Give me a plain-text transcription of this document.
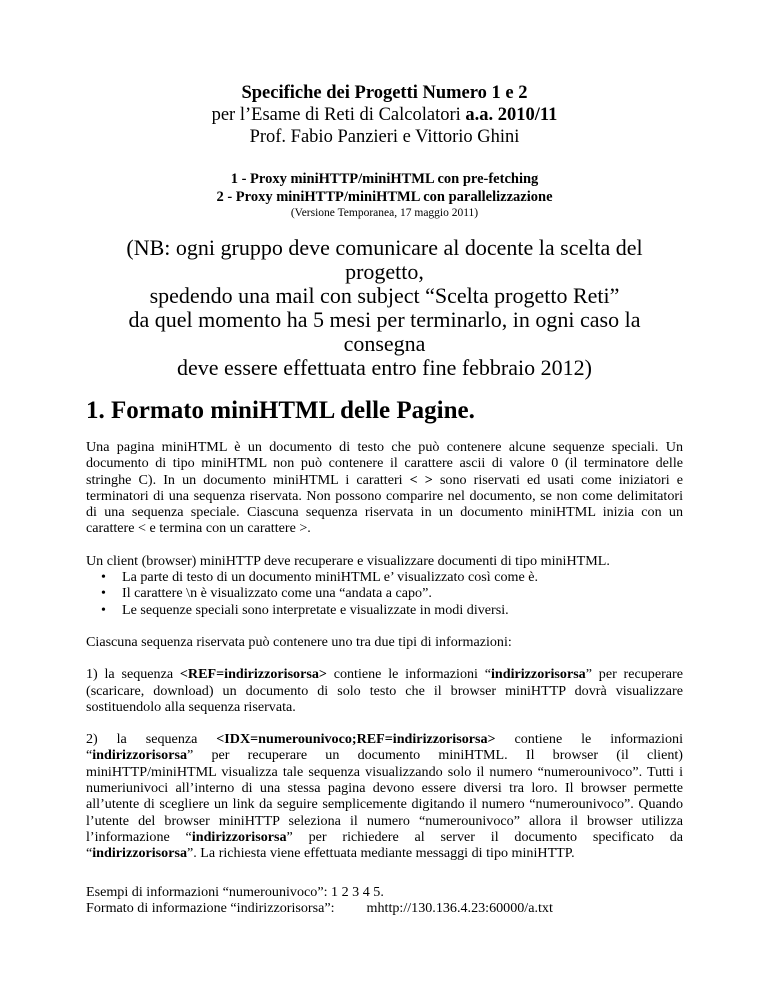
Specifiche dei Progetti Numero 1 e 2
per l’Esame di Reti di Calcolatori a.a. 2010/11
Prof. Fabio Panzieri e Vittorio Ghini
1 - Proxy miniHTTP/miniHTML con pre-fetching
2 - Proxy miniHTTP/miniHTML con parallelizzazione
(Versione Temporanea, 17 maggio 2011)
(NB: ogni gruppo deve comunicare al docente la scelta del progetto,
spedendo una mail con subject “Scelta progetto Reti”
da quel momento ha 5 mesi per terminarlo, in ogni caso la consegna
deve essere effettuata entro fine febbraio 2012)
1. Formato miniHTML delle Pagine.

Una pagina miniHTML è un documento di testo che può contenere alcune sequenze speciali. Un documento di tipo miniHTML non può contenere il carattere ascii di valore 0 (il terminatore delle stringhe C). In un documento miniHTML i caratteri < > sono riservati ed usati come iniziatori e terminatori di una sequenza riservata. Non possono comparire nel documento, se non come delimitatori di una sequenza speciale. Ciascuna sequenza riservata in un documento miniHTML inizia con un carattere < e termina con un carattere >.

Un client (browser) miniHTTP deve recuperare e visualizzare documenti di tipo miniHTML.

• La parte di testo di un documento miniHTML e’ visualizzato così come è.
• Il carattere \n è visualizzato come una “andata a capo”.
• Le sequenze speciali sono interpretate e visualizzate in modi diversi.

Ciascuna sequenza riservata può contenere uno tra due tipi di informazioni:

1) la sequenza <REF=indirizzorisorsa> contiene le informazioni “indirizzorisorsa” per recuperare (scaricare, download) un documento di solo testo che il browser miniHTTP dovrà visualizzare sostituendolo alla sequenza riservata.

2) la sequenza <IDX=numerounivoco;REF=indirizzorisorsa> contiene le informazioni “indirizzorisorsa” per recuperare un documento miniHTML. Il browser (il client) miniHTTP/miniHTML visualizza tale sequenza visualizzando solo il numero “numerounivoco”. Tutti i numeriunivoci all’interno di una stessa pagina devono essere diversi tra loro. Il browser permette all’utente di scegliere un link da seguire semplicemente digitando il numero “numerounivoco”. Quando l’utente del browser miniHTTP seleziona il numero “numerounivoco” allora il browser utilizza l’informazione “indirizzorisorsa” per richiedere al server il documento specificato da “indirizzorisorsa”. La richiesta viene effettuata mediante messaggi di tipo miniHTTP.

Esempi di informazioni “numerounivoco”: 1 2 3 4 5.
Formato di informazione “indirizzorisorsa”: mhttp://130.136.4.23:60000/a.txt
